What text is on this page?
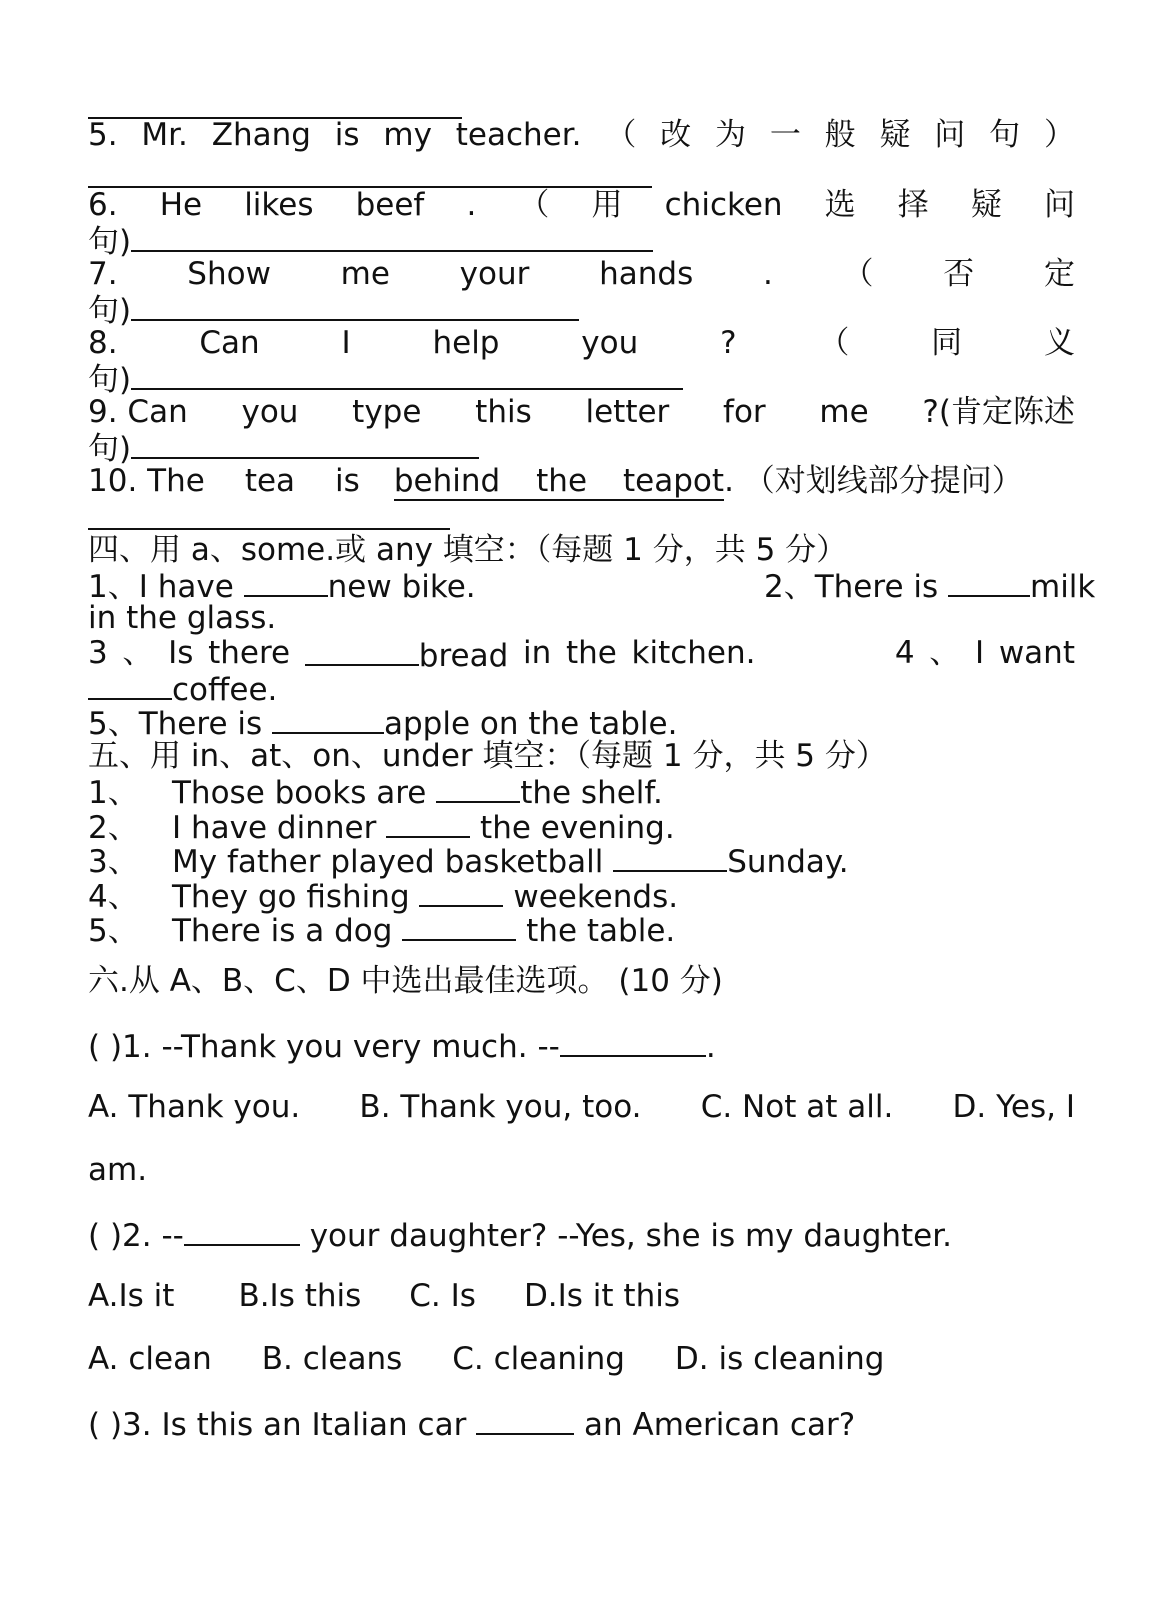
5. Mr. Zhang is my teacher. （ 改 为 一 般 疑 问 句 ）
6. He likes beef . （ 用 chicken 选 择 疑 问
句)
7. Show me your hands . （ 否 定
句)
8.	Can	I	help	you	?	（	同	义
句)
9. Can you type this letter for me ?(肯定陈述
句)
10. The tea is behind the teapot. （对划线部分提问）
四、用 a、some.或 any 填空：（每题 1 分，共 5 分）
1、I have	new bike.	2、There is	milk
in the glass.
3 、 Is there	bread in the kitchen.	4 、 I want
coffee.
5、There is	apple on the table.
五、用 in、at、on、under 填空：（每题 1 分，共 5 分）
1、 Those books are	the shelf.
2、 I have dinner	the evening.
3、 My father played basketball	Sunday.
4、 They go fishing	weekends.
5、 There is a dog	the table.
六.从 A、B、C、D 中选出最佳选项。 (10 分)
( )1. --Thank you very much. --	.
A. Thank you. B. Thank you, too. C. Not at all. D. Yes, I
am.
( )2. --	your daughter? --Yes, she is my daughter.
A.Is it B.Is this C. Is D.Is it this
A. clean B. cleans C. cleaning D. is cleaning
( )3. Is this an Italian car	an American car?
